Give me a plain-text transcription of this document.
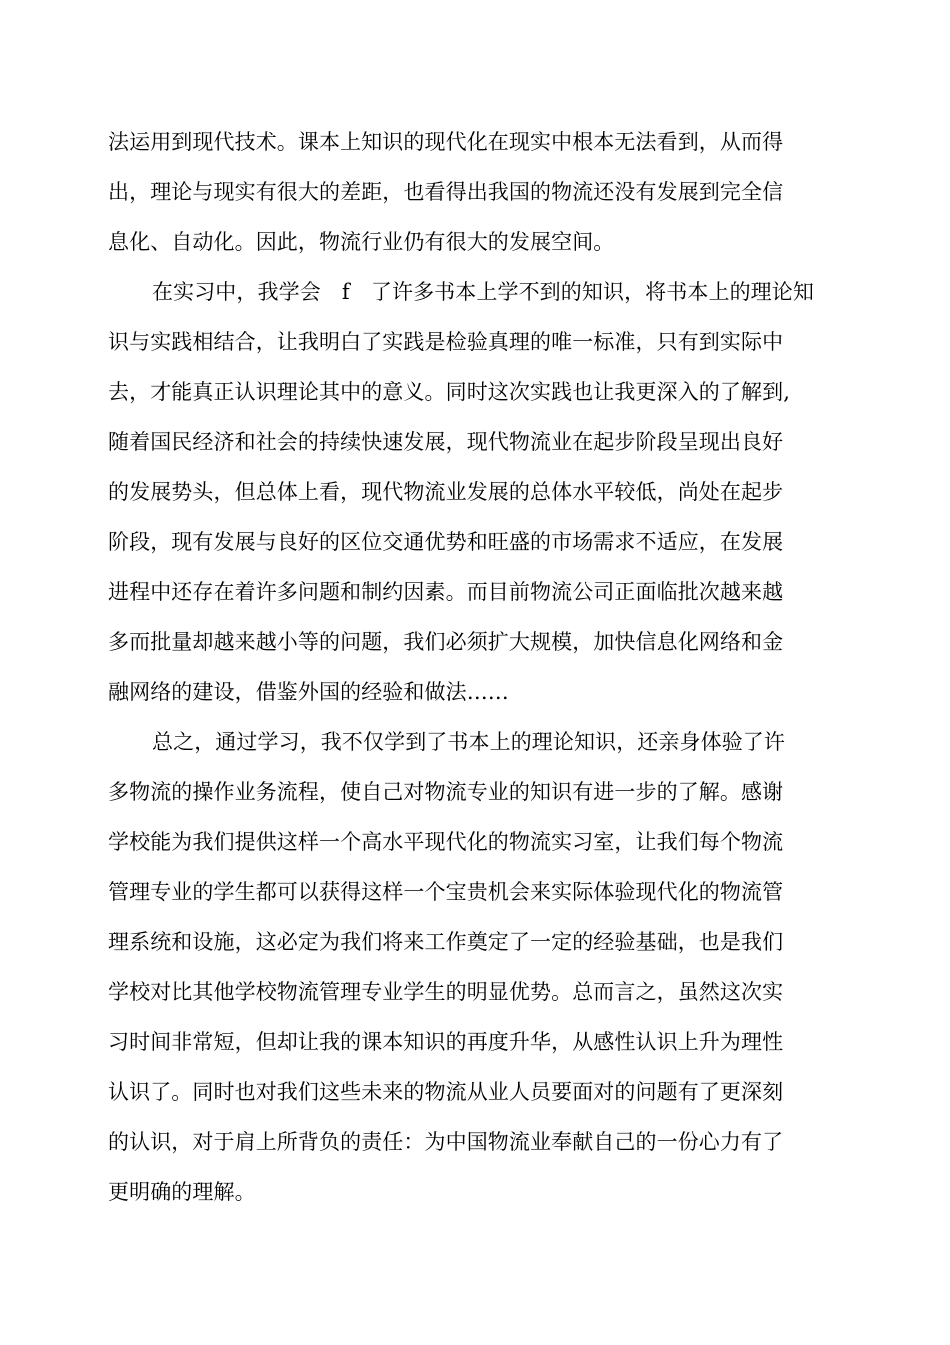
法运用到现代技术。课本上知识的现代化在现实中根本无法看到，从而得
出，理论与现实有很大的差距，也看得出我国的物流还没有发展到完全信
息化、自动化。因此，物流行业仍有很大的发展空间。
在实习中，我学会　f　了许多书本上学不到的知识，将书本上的理论知
识与实践相结合，让我明白了实践是检验真理的唯一标准，只有到实际中
去，才能真正认识理论其中的意义。同时这次实践也让我更深入的了解到,
随着国民经济和社会的持续快速发展，现代物流业在起步阶段呈现出良好
的发展势头，但总体上看，现代物流业发展的总体水平较低，尚处在起步
阶段，现有发展与良好的区位交通优势和旺盛的市场需求不适应，在发展
进程中还存在着许多问题和制约因素。而目前物流公司正面临批次越来越
多而批量却越来越小等的问题，我们必须扩大规模，加快信息化网络和金
融网络的建设，借鉴外国的经验和做法……
总之，通过学习，我不仅学到了书本上的理论知识，还亲身体验了许
多物流的操作业务流程，使自己对物流专业的知识有进一步的了解。感谢
学校能为我们提供这样一个高水平现代化的物流实习室，让我们每个物流
管理专业的学生都可以获得这样一个宝贵机会来实际体验现代化的物流管
理系统和设施，这必定为我们将来工作奠定了一定的经验基础，也是我们
学校对比其他学校物流管理专业学生的明显优势。总而言之，虽然这次实
习时间非常短，但却让我的课本知识的再度升华，从感性认识上升为理性
认识了。同时也对我们这些未来的物流从业人员要面对的问题有了更深刻
的认识，对于肩上所背负的责任：为中国物流业奉献自己的一份心力有了
更明确的理解。
